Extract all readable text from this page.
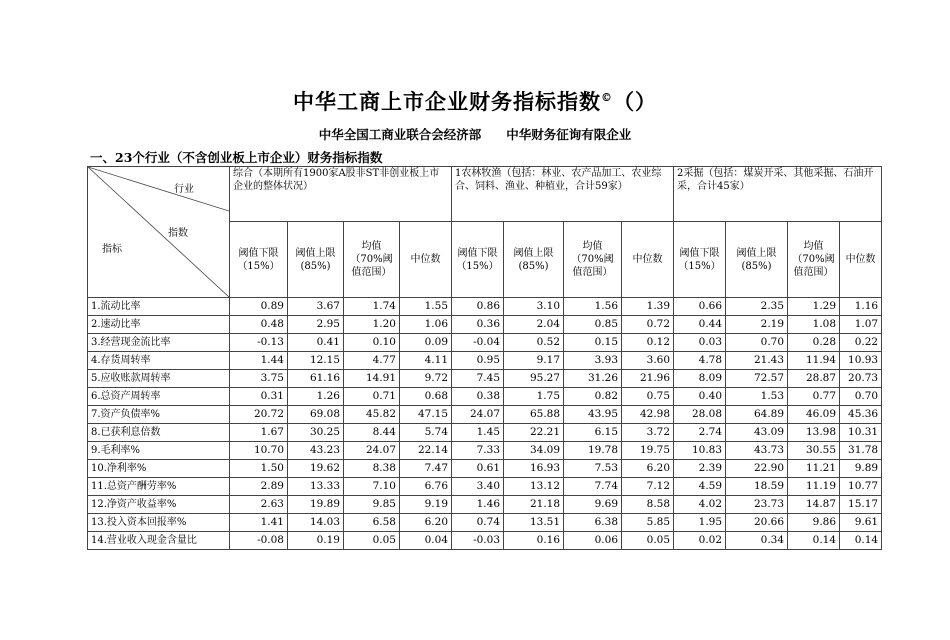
中华工商上市企业财务指标指数©（）
中华全国工商业联合会经济部　　中华财务征询有限企业
一、23个行业（不含创业板上市企业）财务指标指数
行业
指数
指标	综合（本期所有1900家A股非ST非创业板上市企业的整体状况）				1农林牧渔（包括：林业、农产品加工、农业综合、饲料、渔业、种植业，合计59家）				2采掘（包括：煤炭开采、其他采掘、石油开采，合计45家）			
	阈值下限（15%）	阈值上限(85%)	均值（70%阈值范围）	中位数	阈值下限（15%）	阈值上限(85%)	均值（70%阈值范围）	中位数	阈值下限（15%）	阈值上限(85%)	均值（70%阈值范围）	中位数
1.流动比率	0.89	3.67	1.74	1.55	0.86	3.10	1.56	1.39	0.66	2.35	1.29	1.16
2.速动比率	0.48	2.95	1.20	1.06	0.36	2.04	0.85	0.72	0.44	2.19	1.08	1.07
3.经营现金流比率	-0.13	0.41	0.10	0.09	-0.04	0.52	0.15	0.12	0.03	0.70	0.28	0.22
4.存货周转率	1.44	12.15	4.77	4.11	0.95	9.17	3.93	3.60	4.78	21.43	11.94	10.93
5.应收账款周转率	3.75	61.16	14.91	9.72	7.45	95.27	31.26	21.96	8.09	72.57	28.87	20.73
6.总资产周转率	0.31	1.26	0.71	0.68	0.38	1.75	0.82	0.75	0.40	1.53	0.77	0.70
7.资产负债率%	20.72	69.08	45.82	47.15	24.07	65.88	43.95	42.98	28.08	64.89	46.09	45.36
8.已获利息倍数	1.67	30.25	8.44	5.74	1.45	22.21	6.15	3.72	2.74	43.09	13.98	10.31
9.毛利率%	10.70	43.23	24.07	22.14	7.33	34.09	19.78	19.75	10.83	43.73	30.55	31.78
10.净利率%	1.50	19.62	8.38	7.47	0.61	16.93	7.53	6.20	2.39	22.90	11.21	9.89
11.总资产酬劳率%	2.89	13.33	7.10	6.76	3.40	13.12	7.74	7.12	4.59	18.59	11.19	10.77
12.净资产收益率%	2.63	19.89	9.85	9.19	1.46	21.18	9.69	8.58	4.02	23.73	14.87	15.17
13.投入资本回报率%	1.41	14.03	6.58	6.20	0.74	13.51	6.38	5.85	1.95	20.66	9.86	9.61
14.营业收入现金含量比	-0.08	0.19	0.05	0.04	-0.03	0.16	0.06	0.05	0.02	0.34	0.14	0.14
